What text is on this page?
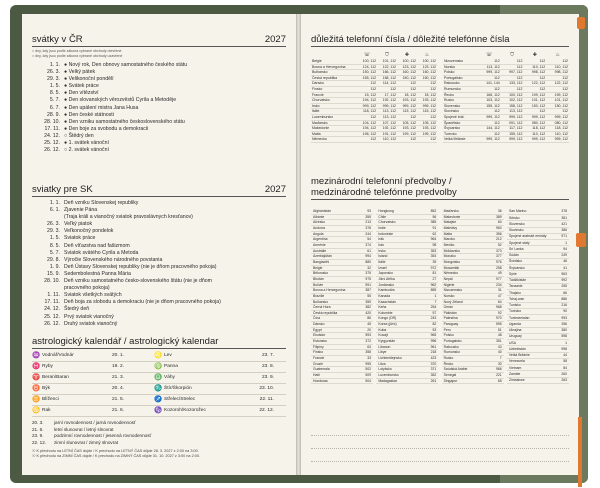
svátky v ČR	2027
= dny, kdy jsou podle zákona vybrané obchody otevřené
= dny, kdy jsou podle zákona vybrané obchody uzavřené
1. 1. ● Nový rok, Den obnovy samostatného českého státu
26. 3. ● Velký pátek
29. 3. ● Velikonoční pondělí
1. 5. ● Svátek práce
8. 5. ● Den vítězství
5. 7. ● Den slovanských věrozvěstů Cyrila a Metoděje
6. 7. ● Den upálení mistra Jana Husa
28. 9. ● Den české státnosti
28. 10. ● Den vzniku samostatného československého státu
17. 11. ● Den boje za svobodu a demokracii
24. 12. ○ Štědrý den
25. 12. ● 1. svátek vánoční
26. 12. ○ 2. svátek vánoční
sviatky pre SK	2027
1. 1. Deň vzniku Slovenskej republiky
6. 1. Zjavenie Pána
(Traja králi a vianočný sviatok pravoslávnych kresťanov)
26. 3. Veľký piatok
29. 3. Veľkonočný pondelok
1. 5. Sviatok práce
8. 5. Deň víťazstva nad fašizmom
5. 7. Sviatok svätého Cyrila a Metoda
29. 8. Výročie Slovenského národného povstania
1. 9. Deň Ústavy Slovenskej republiky (nie je dňom pracovného pokoja)
15. 9. Sedembolestná Panna Mária
28. 10. Deň vzniku samostatného česko-slovenského štátu (nie je dňom
pracovného pokoja)
1. 11. Sviatok všetkých svätých
17. 11. Deň boja za slobodu a demokraciu (nie je dňom pracovného pokoja)
24. 12. Štedrý deň
25. 12. Prvý sviatok vianočný
26. 12. Druhý sviatok vianočný
astrologický kalendář / astrologický kalendar
♒ Vodnář/Vodnár	20. 1.	♌ Lev	23. 7.
♓ Ryby	19. 2.	♍ Panna	23. 8.
♈ Beran/Baran	21. 3.	♎ Váhy	23. 9.
♉ Býk	20. 4.	♏ Štír/Škorpión	23. 10.
♊ Blíženci	21. 5.	♐ Střelec/Strelec	22. 11.
♋ Rak	21. 6.	♑ Kozoroh/Kozorožec	22. 12.
20. 3. jarní rovnodennost / jarná rovnodennosť
21. 6. letní slunovrat / letný slnovrat
23. 9. podzimní rovnodennost / jesenná rovnodennosť
22. 12. zimní slunovrat / zimný slnovrat
☉ K přechodu na LETNÍ ČAS dojde / K prechodu na LETNÝ ČAS dôjde 28. 3. 2027 z 2:00 na 3:00.
☉ K přechodu na ZIMNÍ ČAS dojde / K prechodu na ZIMNÝ ČAS dôjde 31. 10. 2027 z 3:00 na 2:00.
důležitá telefonní čísla / dôležité telefónne čísla
	☏	⛉	✚	♨
Belgie	100, 112	101, 112	100, 112	100, 112
Bosna a Hercegovina	124, 112	122, 112	123, 112	123, 112
Bulharsko	150, 112	166, 112	160, 112	160, 112
Česká republika	155, 112	158, 112	150, 112	150, 112
Dánsko	112	114, 112	112	112
Finsko	112	112	112	112
Francie	15, 112	17, 112	18, 112	18, 112
Chorvatsko	194, 112	192, 112	193, 112	193, 112
Irsko	999, 112	999, 112	999, 112	999, 112
Itálie	118, 112	113, 112	115, 112	115, 112
Lucembursko	112	113, 112	112	112
Maďarsko	104, 112	107, 112	105, 112	105, 112
Makedonie	194, 112	192, 112	193, 112	193, 112
Malta	196, 112	191, 112	199, 112	199, 112
Německo	112	110, 112	112	112
	☏	⛉	✚	♨
Nizozemsko	112	112	112	112
Norsko	113, 112	112	110, 112	110, 112
Polsko	999, 112	997, 112	998, 112	998, 112
Portugalsko	112	112	112	112
Rakousko	141, 144	133, 112	122, 112	122, 112
Rumunsko	112	112	112	112
Řecko	166, 112	100, 112	199, 112	199, 112
Rusko	103, 112	102, 112	101, 112	101, 112
Slovensko	155, 112	158, 112	150, 112	150, 112
Slovinsko	112	113, 112	112	112
Spojené král.	999, 112	999, 112	999, 112	999, 112
Španělsko	112	091, 112	080, 112	080, 112
Švýcarsko	144, 112	117, 112	118, 112	118, 112
Turecko	112	155, 112	110, 112	110, 112
Velká Británie	999, 112	999, 112	999, 112	999, 112
mezinárodní telefonní předvolby /
medzinárodné telefónne predvolby
Afghánistán	93
Albánie	355
Alžírsko	213
Andorra	376
Angola	244
Argentina	54
Arménie	374
Austrálie	61
Ázerbájdžán	994
Bangladéš	880
Belgie	32
Bělorusko	375
Bhútán	975
Bolívie	591
Bosna a Hercegovina	387
Brazílie	55
Bulharsko	359
Černá Hora	382
Česká republika	420
Čína	86
Dánsko	45
Egypt	20
Ekvádor	593
Estonsko	372
Filipíny	63
Finsko	358
Francie	33
Gruzie	995
Guatemala	502
Haiti	509
Honduras	504
Hongkong	852
Chile	56
Chorvatsko	385
Indie	91
Indonésie	62
Irák	964
Irán	98
Irsko	353
Island	354
Itálie	39
Izrael	972
Japonsko	81
Jižní Afrika	27
Jordánsko	962
Kambodža	855
Kanada	1
Kazachstán	7
Keňa	254
Kolumbie	57
Kongo (DR)	243
Korea (jižní)	82
Kuba	53
Kuvajt	965
Kyrgyzstán	996
Libanon	961
Libye	218
Lichtenštejnsko	423
Litva	370
Lotyšsko	371
Lucembursko	352
Madagaskar	261
Maďarsko	36
Makedonie	389
Malajsie	60
Maledivy	960
Malta	356
Maroko	212
Mexiko	52
Moldavsko	373
Monako	377
Mongolsko	976
Mosambik	258
Německo	49
Nepál	977
Nigérie	234
Nizozemsko	31
Norsko	47
Nový Zéland	64
Omán	968
Pákistán	92
Palestina	970
Paraguay	595
Peru	51
Polsko	48
Portugalsko	351
Rakousko	43
Rumunsko	40
Rusko	7
Řecko	30
Saúdská Arábie	966
Senegal	221
Singapur	65
San Marino	378
Srbsko	381
Slovensko	421
Slovinsko	386
Spojené arabské emiráty	971
Spojené státy	1
Srí Lanka	94
Súdán	249
Švédsko	46
Švýcarsko	41
Sýrie	963
Tádžikistán	992
Tanzanie	255
Thajsko	66
Tchaj-wan	886
Tunisko	216
Turecko	90
Turkmenistán	993
Uganda	256
Ukrajina	380
Uruguay	598
USA	1
Uzbekistán	998
Velká Británie	44
Venezuela	58
Vietnam	84
Zambie	260
Zimbabwe	263
